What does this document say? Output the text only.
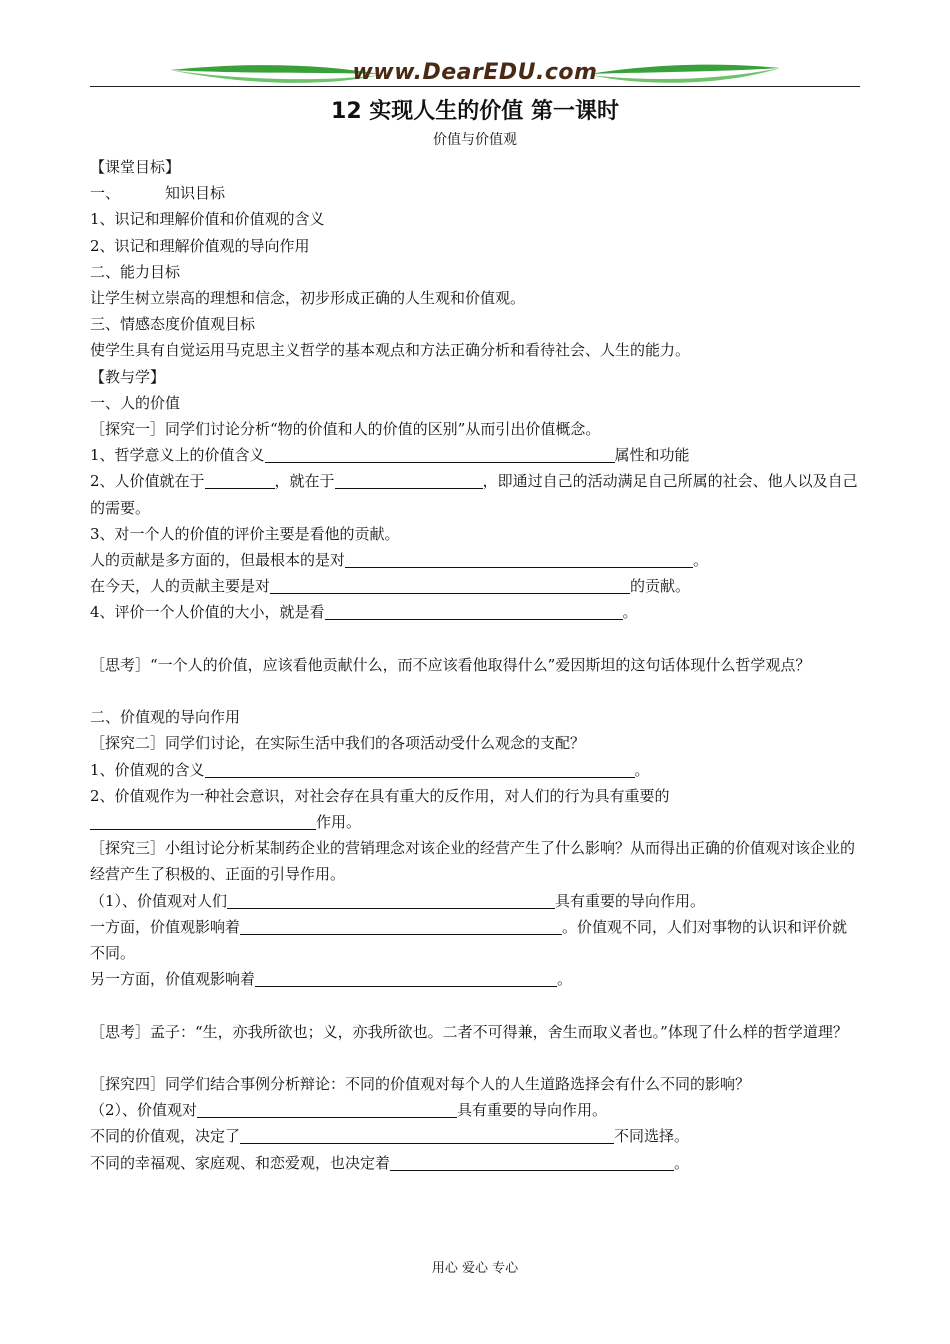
www.DearEDU.com
12 实现人生的价值 第一课时
价值与价值观
【课堂目标】
一、	知识目标
1、识记和理解价值和价值观的含义
2、识记和理解价值观的导向作用
二、能力目标
让学生树立崇高的理想和信念，初步形成正确的人生观和价值观。
三、情感态度价值观目标
使学生具有自觉运用马克思主义哲学的基本观点和方法正确分析和看待社会、人生的能力。
【教与学】
一、人的价值
［探究一］同学们讨论分析“物的价值和人的价值的区别”从而引出价值概念。
1、哲学意义上的价值含义	属性和功能
2、人价值就在于	，就在于	，即通过自己的活动满足自己所属的社会、他人以及自己的需要。
3、对一个人的价值的评价主要是看他的贡献。
人的贡献是多方面的，但最根本的是对	。
在今天，人的贡献主要是对	的贡献。
4、评价一个人价值的大小，就是看	。
［思考］“一个人的价值，应该看他贡献什么，而不应该看他取得什么”爱因斯坦的这句话体现什么哲学观点？
二、价值观的导向作用
［探究二］同学们讨论，在实际生活中我们的各项活动受什么观念的支配？
1、价值观的含义	。
2、价值观作为一种社会意识，对社会存在具有重大的反作用，对人们的行为具有重要的
作用。
［探究三］小组讨论分析某制药企业的营销理念对该企业的经营产生了什么影响？从而得出正确的价值观对该企业的经营产生了积极的、正面的引导作用。
（1）、价值观对人们	具有重要的导向作用。
一方面，价值观影响着	。价值观不同，人们对事物的认识和评价就不同。
另一方面，价值观影响着	。
［思考］孟子：“生，亦我所欲也；义，亦我所欲也。二者不可得兼，舍生而取义者也。”体现了什么样的哲学道理？
［探究四］同学们结合事例分析辩论：不同的价值观对每个人的人生道路选择会有什么不同的影响？
（2）、价值观对	具有重要的导向作用。
不同的价值观，决定了	不同选择。
不同的幸福观、家庭观、和恋爱观，也决定着	。
用心 爱心 专心
